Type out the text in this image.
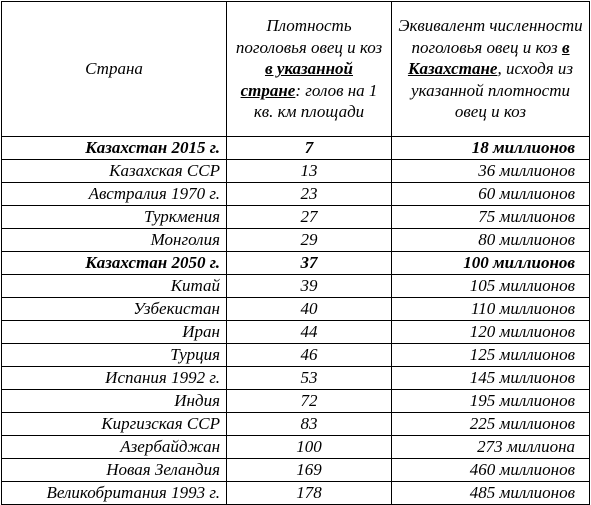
Страна	Плотность поголовья овец и коз в указанной стране: голов на 1 кв. км площади	Эквивалент численности поголовья овец и коз в
Казахстане, исходя из указанной плотности овец и коз
Казахстан 2015 г.	7	18 миллионов
Казахская ССР	13	36 миллионов
Австралия 1970 г.	23	60 миллионов
Туркмения	27	75 миллионов
Монголия	29	80 миллионов
Казахстан 2050 г.	37	100 миллионов
Китай	39	105 миллионов
Узбекистан	40	110 миллионов
Иран	44	120 миллионов
Турция	46	125 миллионов
Испания 1992 г.	53	145 миллионов
Индия	72	195 миллионов
Киргизская ССР	83	225 миллионов
Азербайджан	100	273 миллиона
Новая Зеландия	169	460 миллионов
Великобритания 1993 г.	178	485 миллионов
